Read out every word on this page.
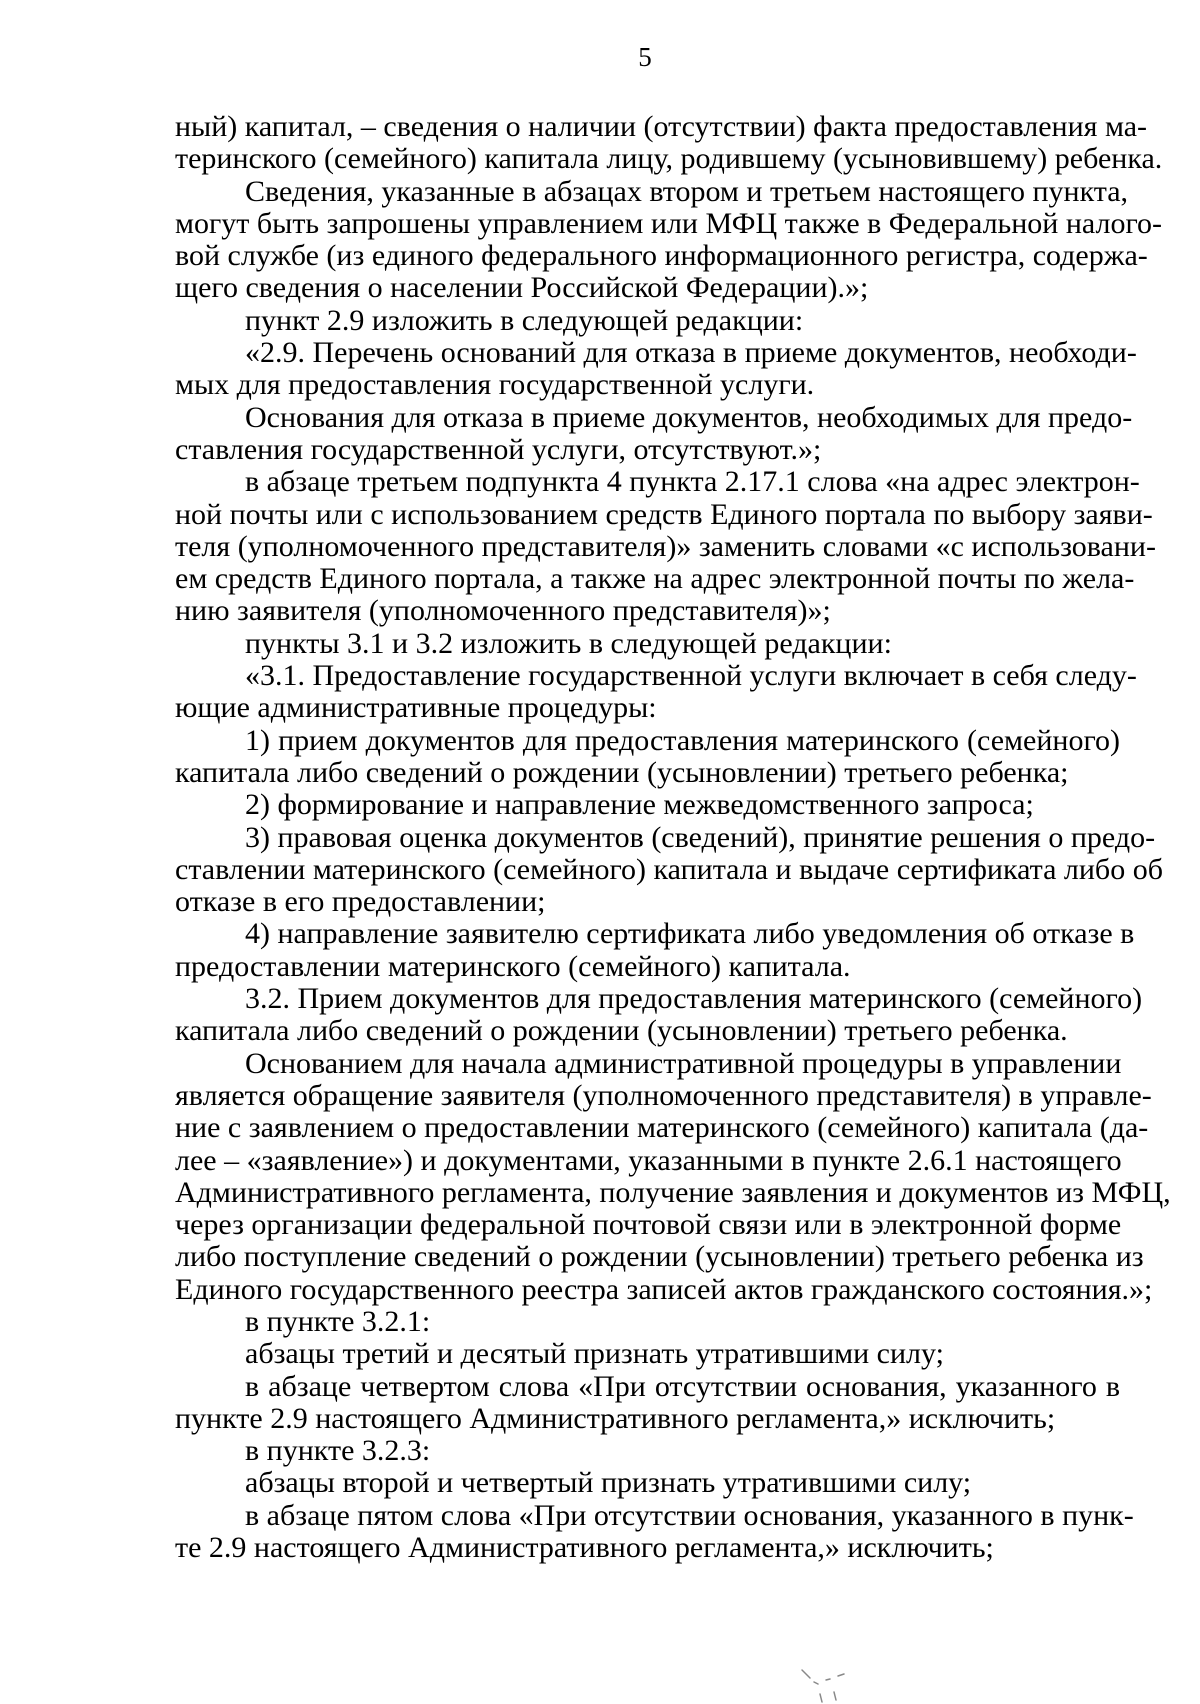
5
ный) капитал, – сведения о наличии (отсутствии) факта предоставления ма-
теринского (семейного) капитала лицу, родившему (усыновившему) ребенка.
Сведения, указанные в абзацах втором и третьем настоящего пункта,
могут быть запрошены управлением или МФЦ также в Федеральной налого-
вой службе (из единого федерального информационного регистра, содержа-
щего сведения о населении Российской Федерации).»;
пункт 2.9 изложить в следующей редакции:
«2.9. Перечень оснований для отказа в приеме документов, необходи-
мых для предоставления государственной услуги.
Основания для отказа в приеме документов, необходимых для предо-
ставления государственной услуги, отсутствуют.»;
в абзаце третьем подпункта 4 пункта 2.17.1 слова «на адрес электрон-
ной почты или с использованием средств Единого портала по выбору заяви-
теля (уполномоченного представителя)» заменить словами «с использовани-
ем средств Единого портала, а также на адрес электронной почты по жела-
нию заявителя (уполномоченного представителя)»;
пункты 3.1 и 3.2 изложить в следующей редакции:
«3.1. Предоставление государственной услуги включает в себя следу-
ющие административные процедуры:
1) прием документов для предоставления материнского (семейного)
капитала либо сведений о рождении (усыновлении) третьего ребенка;
2) формирование и направление межведомственного запроса;
3) правовая оценка документов (сведений), принятие решения о предо-
ставлении материнского (семейного) капитала и выдаче сертификата либо об
отказе в его предоставлении;
4) направление заявителю сертификата либо уведомления об отказе в
предоставлении материнского (семейного) капитала.
3.2. Прием документов для предоставления материнского (семейного)
капитала либо сведений о рождении (усыновлении) третьего ребенка.
Основанием для начала административной процедуры в управлении
является обращение заявителя (уполномоченного представителя) в управле-
ние с заявлением о предоставлении материнского (семейного) капитала (да-
лее – «заявление») и документами, указанными в пункте 2.6.1 настоящего
Административного регламента, получение заявления и документов из МФЦ,
через организации федеральной почтовой связи или в электронной форме
либо поступление сведений о рождении (усыновлении) третьего ребенка из
Единого государственного реестра записей актов гражданского состояния.»;
в пункте 3.2.1:
абзацы третий и десятый признать утратившими силу;
в абзаце четвертом слова «При отсутствии основания, указанного в
пункте 2.9 настоящего Административного регламента,» исключить;
в пункте 3.2.3:
абзацы второй и четвертый признать утратившими силу;
в абзаце пятом слова «При отсутствии основания, указанного в пунк-
те 2.9 настоящего Административного регламента,» исключить;
